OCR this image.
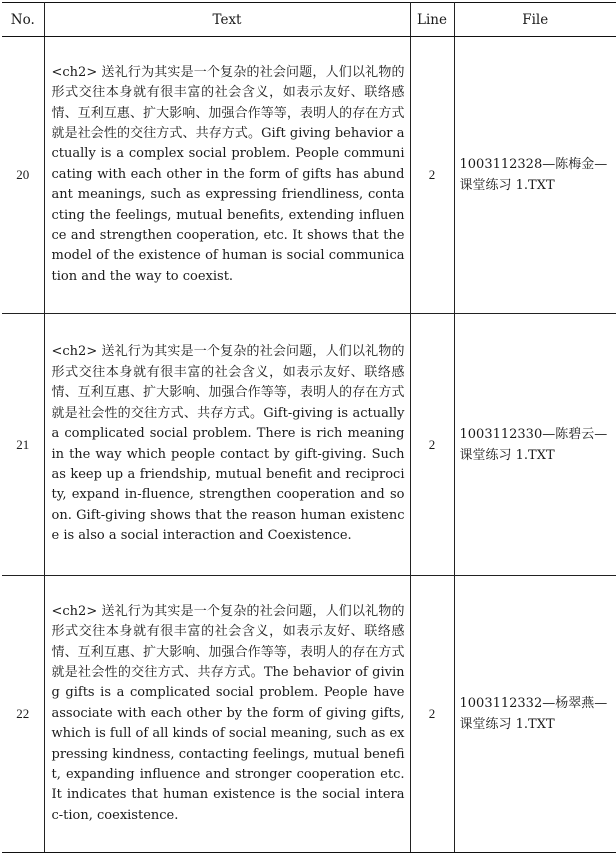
No.	Text	Line	File
20	<ch2> 送礼行为其实是一个复杂的社会问题，人们以礼物的形式交往本身就有很丰富的社会含义，如表示友好、联络感情、互利互惠、扩大影响、加强合作等等，表明人的存在方式就是社会性的交往方式、共存方式。Gift giving behavior actually is a complex social problem. People communicating with each other in the form of gifts has abundant meanings, such as expressing friendliness, contacting the feelings, mutual benefits, extending influence and strengthen cooperation, etc. It shows that the model of the existence of human is social communication and the way to coexist.	2	1003112328—陈梅金—课堂练习 1.TXT
21	<ch2> 送礼行为其实是一个复杂的社会问题，人们以礼物的形式交往本身就有很丰富的社会含义，如表示友好、联络感情、互利互惠、扩大影响、加强合作等等，表明人的存在方式就是社会性的交往方式、共存方式。Gift-giving is actually a complicated social problem. There is rich meaning in the way which people contact by gift-giving. Such as keep up a friendship, mutual benefit and reciprocity, expand in-fluence, strengthen cooperation and so on. Gift-giving shows that the reason human existence is also a social interaction and Coexistence.	2	1003112330—陈碧云—课堂练习 1.TXT
22	<ch2> 送礼行为其实是一个复杂的社会问题，人们以礼物的形式交往本身就有很丰富的社会含义，如表示友好、联络感情、互利互惠、扩大影响、加强合作等等，表明人的存在方式就是社会性的交往方式、共存方式。The behavior of giving gifts is a complicated social problem. People have associate with each other by the form of giving gifts, which is full of all kinds of social meaning, such as expressing kindness, contacting feelings, mutual benefit, expanding influence and stronger cooperation etc. It indicates that human existence is the social interac-tion, coexistence.	2	1003112332—杨翠燕—课堂练习 1.TXT
